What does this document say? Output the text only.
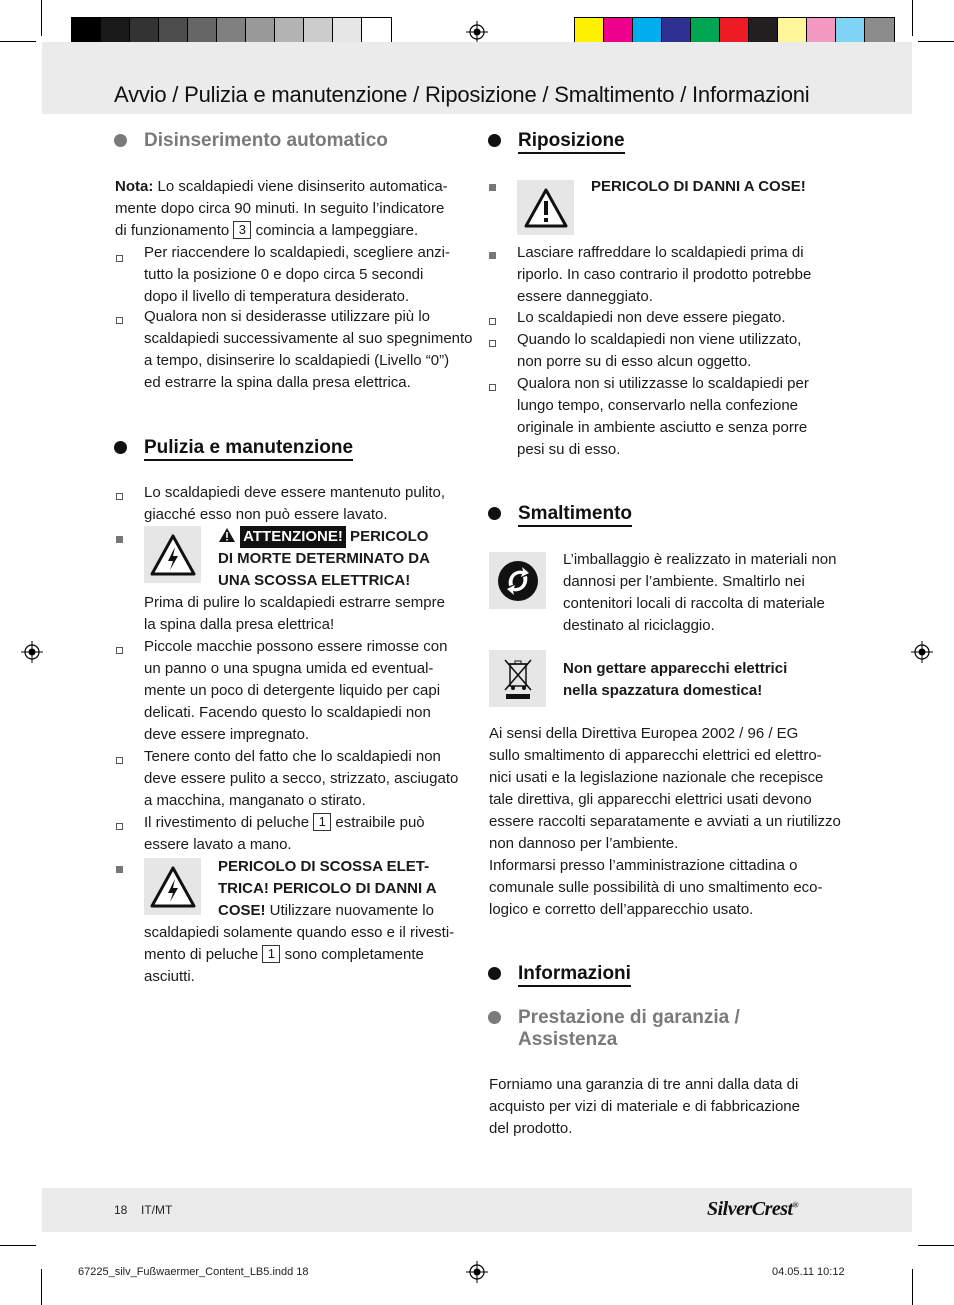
Avvio / Pulizia e manutenzione / Riposizione / Smaltimento / Informazioni
Disinserimento automatico
Nota: Lo scaldapiedi viene disinserito automatica-
mente dopo circa 90 minuti. In seguito l’indicatore
di funzionamento 3 comincia a lampeggiare.
Per riaccendere lo scaldapiedi, scegliere anzi-
tutto la posizione 0 e dopo circa 5 secondi
dopo il livello di temperatura desiderato.
Qualora non si desiderasse utilizzare più lo
scaldapiedi successivamente al suo spegnimento
a tempo, disinserire lo scaldapiedi (Livello “0”)
ed estrarre la spina dalla presa elettrica.
Pulizia e manutenzione
Lo scaldapiedi deve essere mantenuto pulito,
giacché esso non può essere lavato.
ATTENZIONE! PERICOLO
DI MORTE DETERMINATO DA
UNA SCOSSA ELETTRICA!
Prima di pulire lo scaldapiedi estrarre sempre
la spina dalla presa elettrica!
Piccole macchie possono essere rimosse con
un panno o una spugna umida ed eventual-
mente un poco di detergente liquido per capi
delicati. Facendo questo lo scaldapiedi non
deve essere impregnato.
Tenere conto del fatto che lo scaldapiedi non
deve essere pulito a secco, strizzato, asciugato
a macchina, manganato o stirato.
Il rivestimento di peluche 1 estraibile può
essere lavato a mano.
PERICOLO DI SCOSSA ELET-
TRICA! PERICOLO DI DANNI A
COSE! Utilizzare nuovamente lo
scaldapiedi solamente quando esso e il rivesti-
mento di peluche 1 sono completamente
asciutti.
Riposizione
PERICOLO DI DANNI A COSE!
Lasciare raffreddare lo scaldapiedi prima di
riporlo. In caso contrario il prodotto potrebbe
essere danneggiato.
Lo scaldapiedi non deve essere piegato.
Quando lo scaldapiedi non viene utilizzato,
non porre su di esso alcun oggetto.
Qualora non si utilizzasse lo scaldapiedi per
lungo tempo, conservarlo nella confezione
originale in ambiente asciutto e senza porre
pesi su di esso.
Smaltimento
L’imballaggio è realizzato in materiali non
dannosi per l’ambiente. Smaltirlo nei
contenitori locali di raccolta di materiale
destinato al riciclaggio.
Non gettare apparecchi elettrici
nella spazzatura domestica!
Ai sensi della Direttiva Europea 2002 / 96 / EG
sullo smaltimento di apparecchi elettrici ed elettro-
nici usati e la legislazione nazionale che recepisce
tale direttiva, gli apparecchi elettrici usati devono
essere raccolti separatamente e avviati a un riutilizzo
non dannoso per l’ambiente.
Informarsi presso l’amministrazione cittadina o
comunale sulle possibilità di uno smaltimento eco-
logico e corretto dell’apparecchio usato.
Informazioni
Prestazione di garanzia /
Assistenza
Forniamo una garanzia di tre anni dalla data di
acquisto per vizi di materiale e di fabbricazione
del prodotto.
18 IT/MT	SilverCrest®
67225_silv_Fußwaermer_Content_LB5.indd 18	04.05.11 10:12
